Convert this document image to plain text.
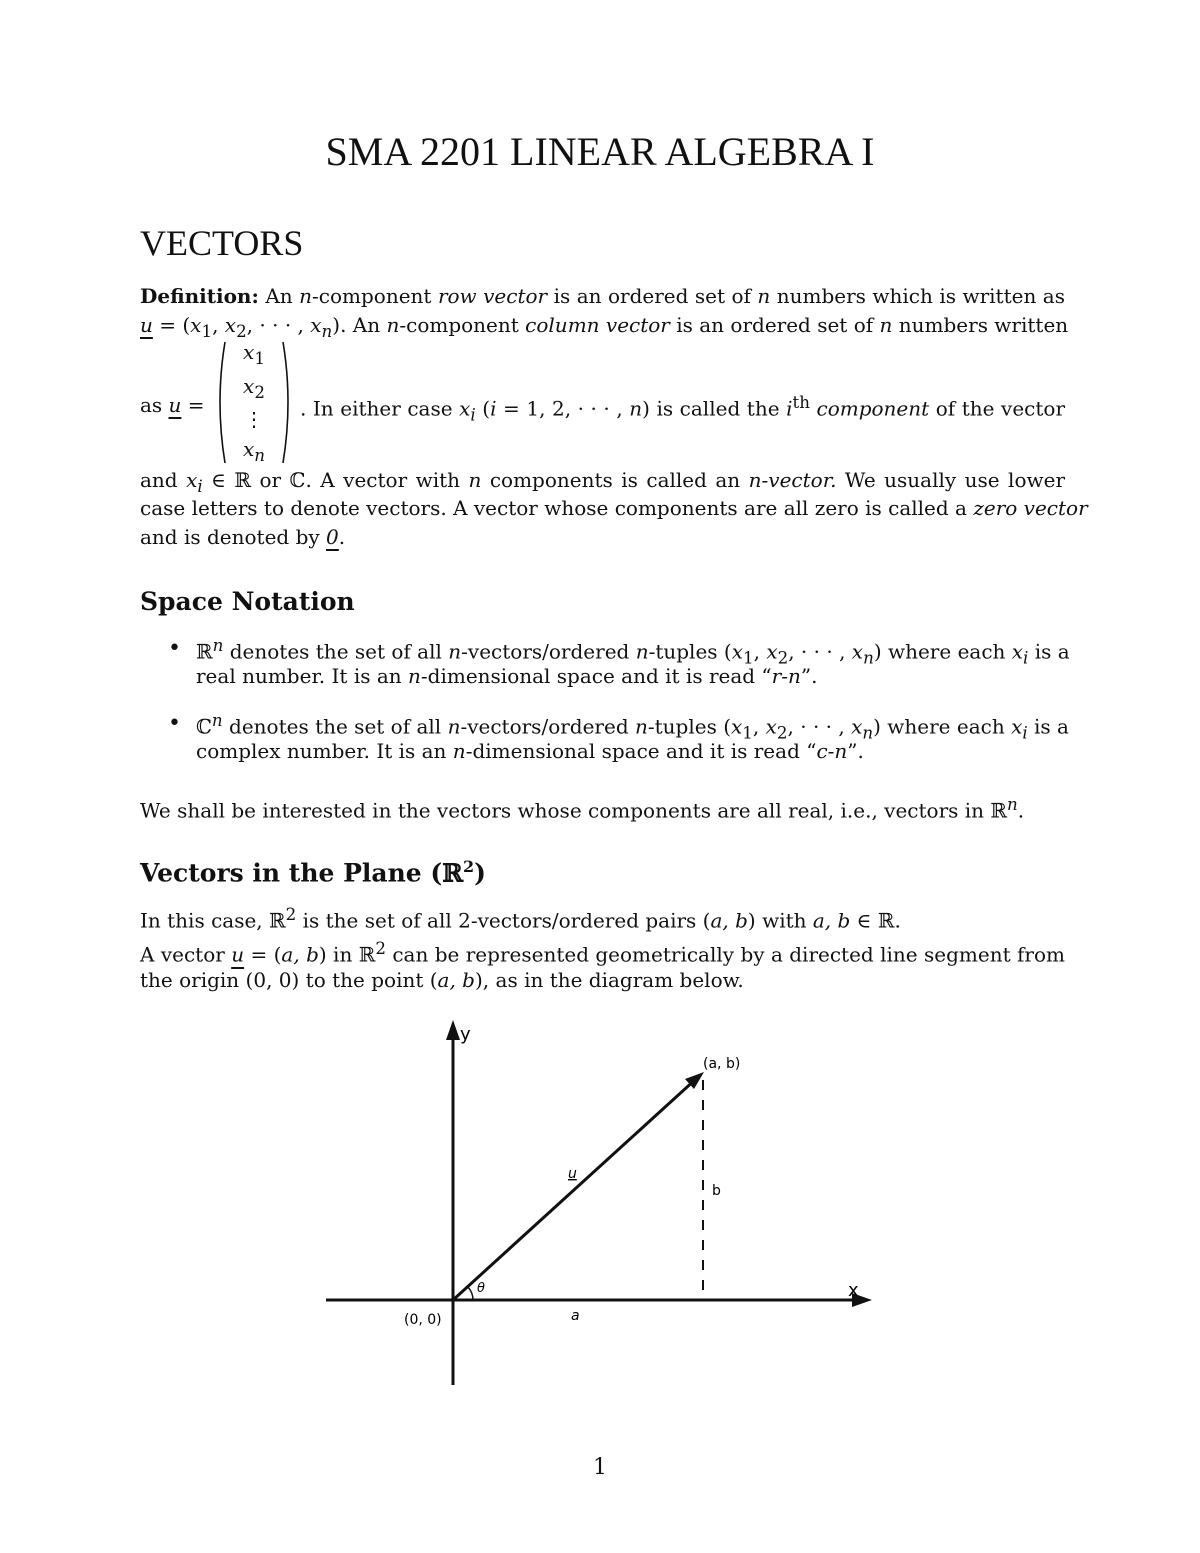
SMA 2201 LINEAR ALGEBRA I
VECTORS
Definition: An n-component row vector is an ordered set of n numbers which is written as
$u = (x_1$, $x_2$, · · · , $x_n$). An n-component column vector is an ordered set of n numbers written
$x_1$
$x_2$
⋮
$x_n$
as u =	. In either case $x_i$ (i = 1, 2, · · · , n) is called the $i^{th}$ component of the vector
and $x_i$ ∈ ℝ or ℂ. A vector with n components is called an n-vector. We usually use lower
case letters to denote vectors. A vector whose components are all zero is called a zero vector
and is denoted by 0.
Space Notation
• ℝ$^n$ denotes the set of all n-vectors/ordered n-tuples ($x_1$, $x_2$, · · · , $x_n$) where each $x_i$ is a
real number. It is an n-dimensional space and it is read “r-n”.
• ℂ$^n$ denotes the set of all n-vectors/ordered n-tuples ($x_1$, $x_2$, · · · , $x_n$) where each $x_i$ is a
complex number. It is an n-dimensional space and it is read “c-n”.
We shall be interested in the vectors whose components are all real, i.e., vectors in ℝ$^n$.
Vectors in the Plane (ℝ$^2$)
In this case, ℝ$^2$ is the set of all 2-vectors/ordered pairs (a, b) with a, b ∈ ℝ.
A vector u = (a, b) in ℝ$^2$ can be represented geometrically by a directed line segment from
the origin (0, 0) to the point (a, b), as in the diagram below.
y
x
(a, b)
u
b
a
θ
(0, 0)
1
